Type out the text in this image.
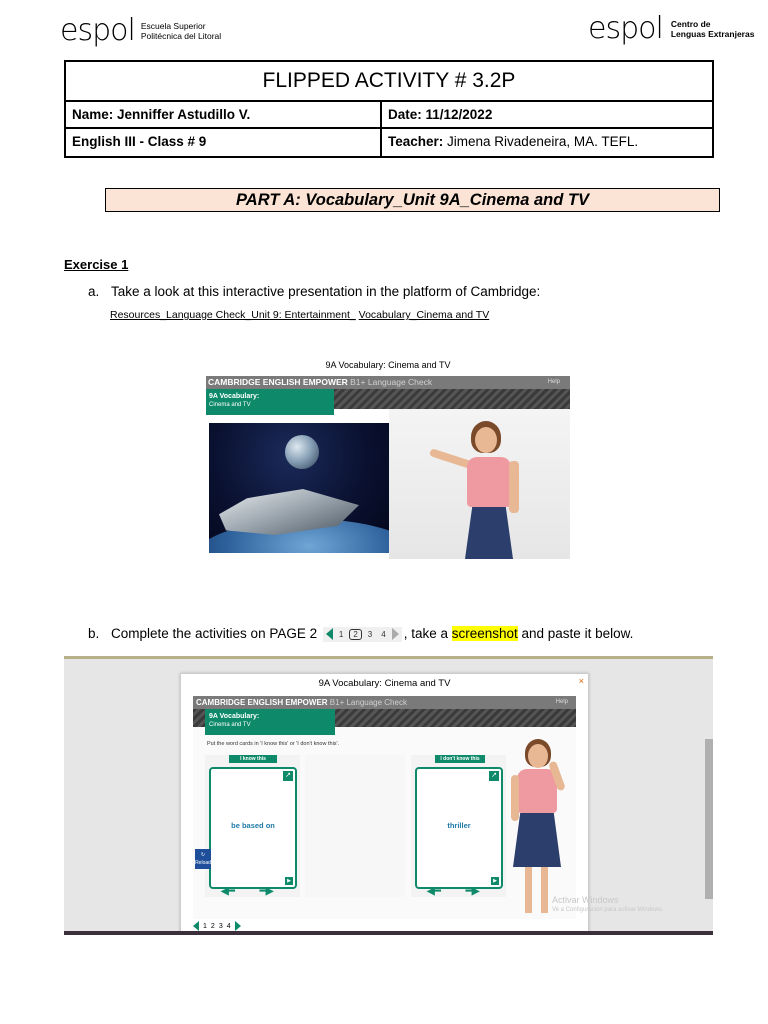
espol Escuela Superior
Politécnica del Litoral	espol Centro de
Lenguas Extranjeras
FLIPPED ACTIVITY # 3.2P
Name: Jenniffer Astudillo V.	Date: 11/12/2022
English III - Class # 9	Teacher: Jimena Rivadeneira, MA. TEFL.
PART A: Vocabulary_Unit 9A_Cinema and TV
Exercise 1
a. Take a look at this interactive presentation in the platform of Cambridge:
Resources_Language Check_Unit 9: Entertainment_ Vocabulary_Cinema and TV
9A Vocabulary: Cinema and TV
CAMBRIDGE ENGLISH EMPOWER B1+ Language Check	Help
9A Vocabulary:
Cinema and TV
b. Complete the activities on PAGE 2	1	2	3	4 , take a screenshot and paste it below.
9A Vocabulary: Cinema and TV	×
CAMBRIDGE ENGLISH EMPOWER B1+ Language Check	Help
Put the word cards in 'I know this' or 'I don't know this'.
I know this
↗
be based on
▶
◀━         ━▶
I don't know this
↗
thriller
▶
◀━         ━▶
↻
Reload
9A Vocabulary:
Cinema and TV
1 2 3 4
Activar Windows
Ve a Configuración para activar Windows.
